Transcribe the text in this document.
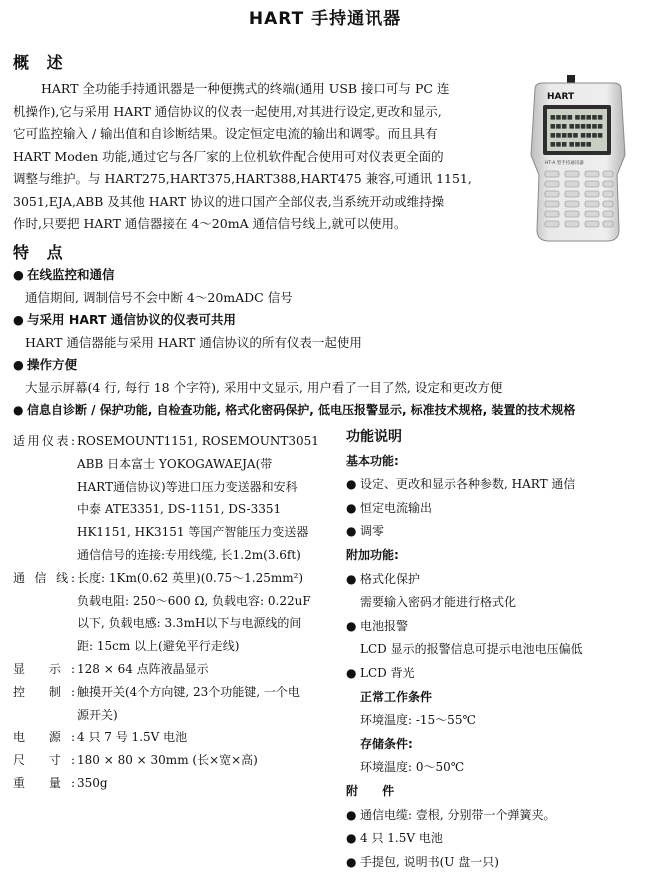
HART 手持通讯器
概 述

HART 全功能手持通讯器是一种便携式的终端(通用 USB 接口可与 PC 连

机操作),它与采用 HART 通信协议的仪表一起使用,对其进行设定,更改和显示,

它可监控输入 / 输出值和自诊断结果。设定恒定电流的输出和调零。而且具有

HART Moden 功能,通过它与各厂家的上位机软件配合使用可对仪表更全面的

调整与维护。与 HART275,HART375,HART388,HART475 兼容,可通讯 1151,

3051,EJA,ABB 及其他 HART 协议的进口国产全部仪表,当系统开动或维持操

作时,只要把 HART 通信器接在 4～20mA 通信信号线上,就可以使用。

HART
■■■■ ■■■■■
■■■ ■■■■■■
■■■■■ ■■■■
■■■ ■■■■
HT-A 型手持通讯器
特 点
● 在线监控和通信
通信期间, 调制信号不会中断 4～20mADC 信号
● 与采用 HART 通信协议的仪表可共用
HART 通信器能与采用 HART 通信协议的所有仪表一起使用
● 操作方便
大显示屏幕(4 行, 每行 18 个字符), 采用中文显示, 用户看了一目了然, 设定和更改方便
● 信息自诊断 / 保护功能, 自检查功能, 格式化密码保护, 低电压报警显示, 标准技术规格, 装置的技术规格
适用仪表: ROSEMOUNT1151, ROSEMOUNT3051
ABB 日本富士 YOKOGAWAEJA(带
HART通信协议)等进口压力变送器和安科
中泰 ATE3351, DS-1151, DS-3351
HK1151, HK3151 等国产智能压力变送器
通信信号的连接:专用线缆, 长1.2m(3.6ft)
通 信 线: 长度: 1Km(0.62 英里)(0.75～1.25mm²)
负载电阻: 250～600 Ω, 负载电容: 0.22uF
以下, 负载电感: 3.3mH以下与电源线的间
距: 15cm 以上(避免平行走线)
显 示: 128 × 64 点阵液晶显示
控 制: 触摸开关(4个方向键, 23个功能键, 一个电
源开关)
电 源: 4 只 7 号 1.5V 电池
尺 寸: 180 × 80 × 30mm (长×宽×高)
重 量: 350g
功能说明
基本功能:
● 设定、更改和显示各种参数, HART 通信
● 恒定电流输出
● 调零
附加功能:
● 格式化保护
需要输入密码才能进行格式化
● 电池报警
LCD 显示的报警信息可提示电池电压偏低
● LCD 背光
正常工作条件
环境温度: -15～55℃
存储条件:
环境温度: 0～50℃
附 件
● 通信电缆: 壹根, 分别带一个弹簧夹。
● 4 只 1.5V 电池
● 手提包, 说明书(U 盘一只)
